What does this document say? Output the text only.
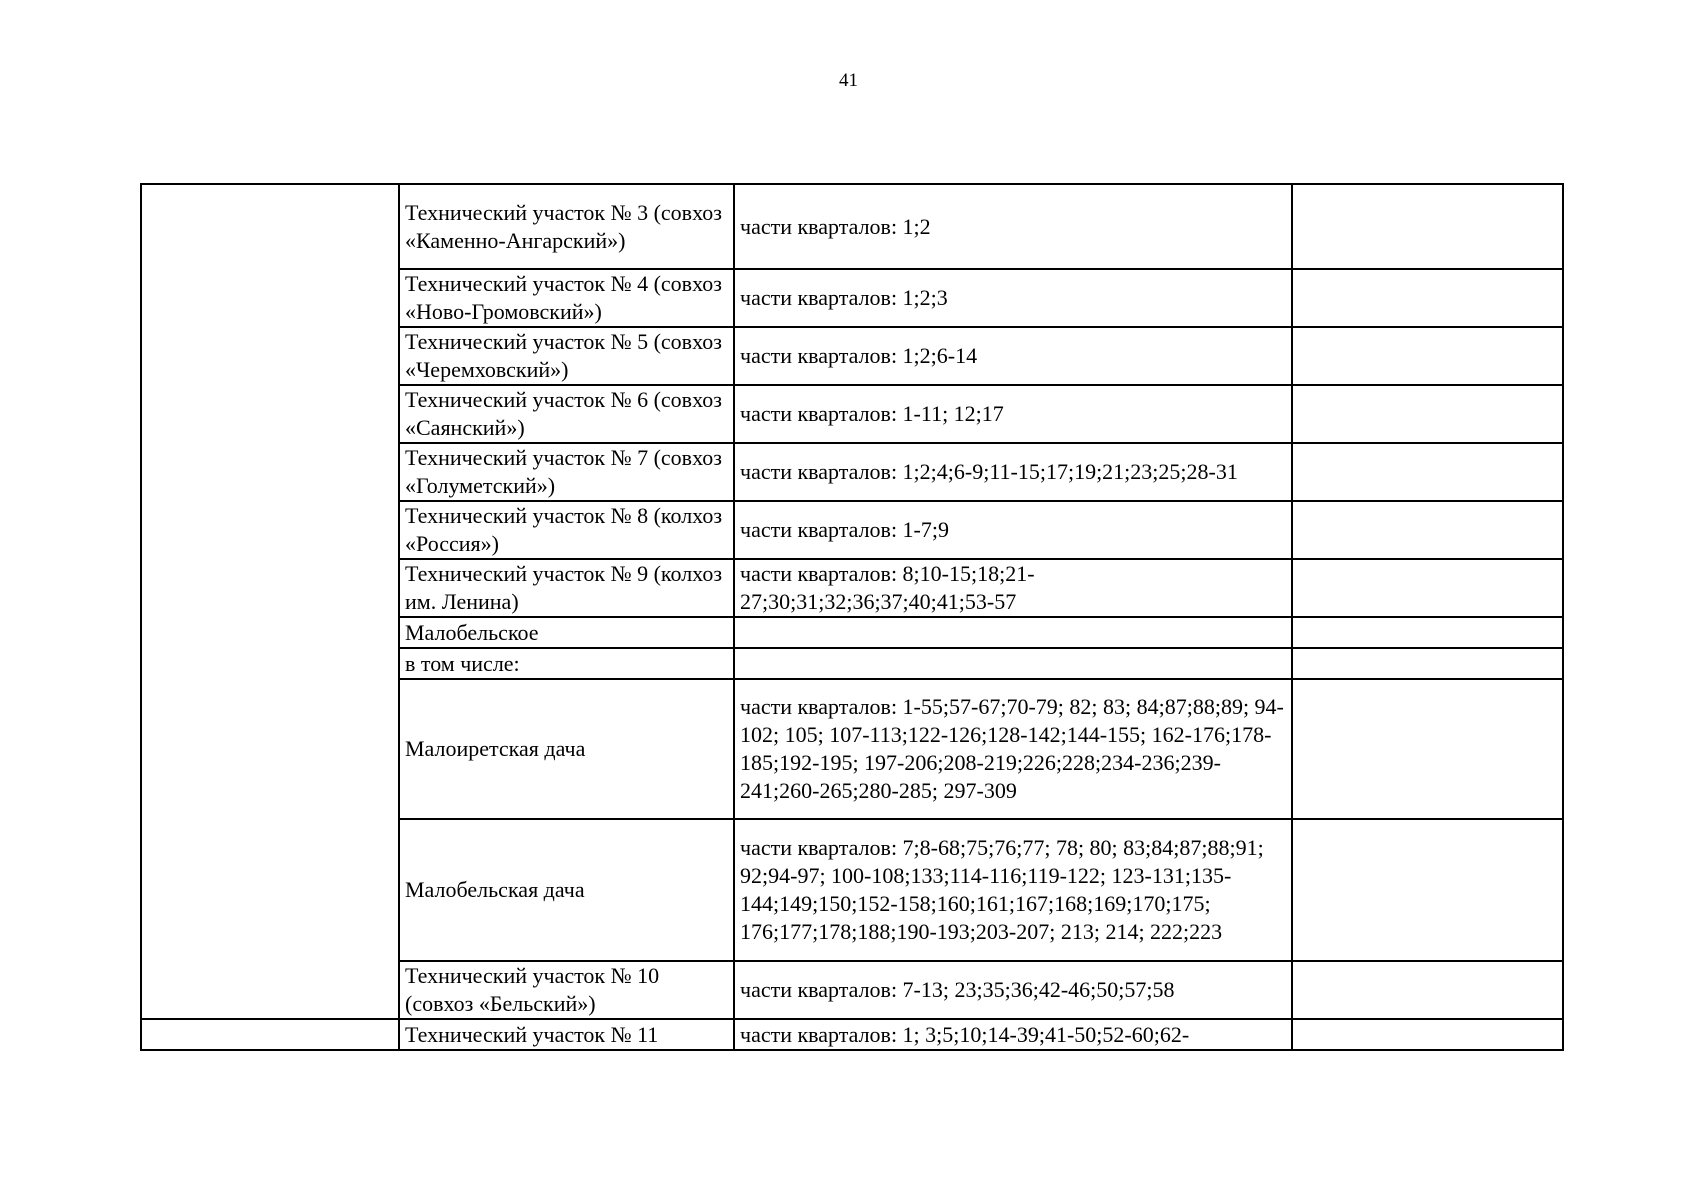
41
	Технический участок № 3 (совхоз «Каменно-Ангарский»)	части кварталов: 1;2	
	Технический участок № 4 (совхоз «Ново-Громовский»)	части кварталов: 1;2;3	
	Технический участок № 5 (совхоз «Черемховский»)	части кварталов: 1;2;6-14	
	Технический участок № 6 (совхоз «Саянский»)	части кварталов: 1-11; 12;17	
	Технический участок № 7 (совхоз «Голуметский»)	части кварталов: 1;2;4;6-9;11-15;17;19;21;23;25;28-31	
	Технический участок № 8 (колхоз «Россия»)	части кварталов: 1-7;9	
	Технический участок № 9 (колхоз им. Ленина)	части кварталов: 8;10-15;18;21-27;30;31;32;36;37;40;41;53-57	
	Малобельское		
	в том числе:		
	Малоиретская дача	части кварталов: 1-55;57-67;70-79; 82; 83; 84;87;88;89; 94-102; 105; 107-113;122-126;128-142;144-155; 162-176;178-185;192-195; 197-206;208-219;226;228;234-236;239-241;260-265;280-285; 297-309	
	Малобельская дача	части кварталов: 7;8-68;75;76;77; 78; 80; 83;84;87;88;91; 92;94-97; 100-108;133;114-116;119-122; 123-131;135-144;149;150;152-158;160;161;167;168;169;170;175; 176;177;178;188;190-193;203-207; 213; 214; 222;223	
	Технический участок № 10 (совхоз «Бельский»)	части кварталов: 7-13; 23;35;36;42-46;50;57;58	
	Технический участок № 11	части кварталов: 1; 3;5;10;14-39;41-50;52-60;62-	
